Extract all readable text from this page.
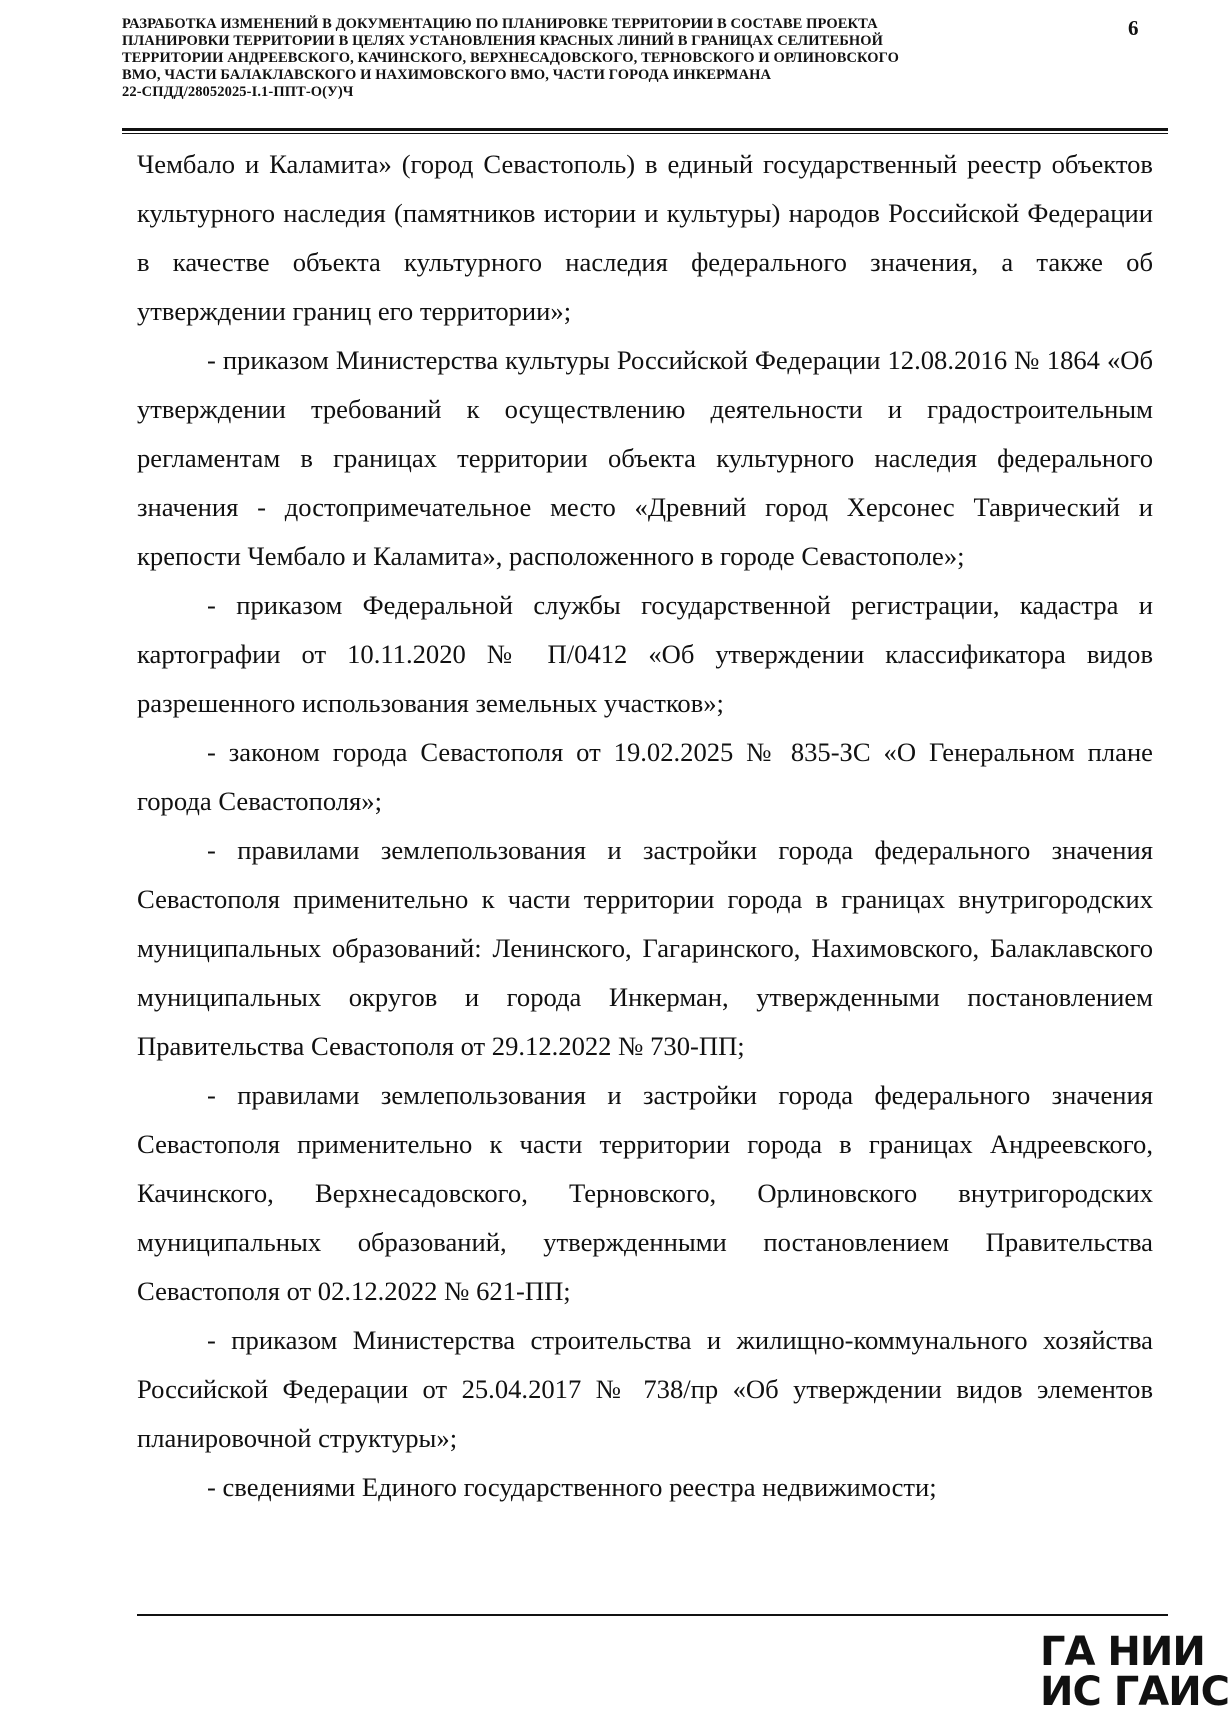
РАЗРАБОТКА ИЗМЕНЕНИЙ В ДОКУМЕНТАЦИЮ ПО ПЛАНИРОВКЕ ТЕРРИТОРИИ В СОСТАВЕ ПРОЕКТА
ПЛАНИРОВКИ ТЕРРИТОРИИ В ЦЕЛЯХ УСТАНОВЛЕНИЯ КРАСНЫХ ЛИНИЙ В ГРАНИЦАХ СЕЛИТЕБНОЙ
ТЕРРИТОРИИ АНДРЕЕВСКОГО, КАЧИНСКОГО, ВЕРХНЕСАДОВСКОГО, ТЕРНОВСКОГО И ОРЛИНОВСКОГО
ВМО, ЧАСТИ БАЛАКЛАВСКОГО И НАХИМОВСКОГО ВМО, ЧАСТИ ГОРОДА ИНКЕРМАНА
22-СПДД/28052025-I.1-ППТ-О(У)Ч
6

Чембало и Каламита» (город Севастополь) в единый государственный реестр объектов культурного наследия (памятников истории и культуры) народов Российской Федерации в качестве объекта культурного наследия федерального значения, а также об утверждении границ его территории»;

- приказом Министерства культуры Российской Федерации 12.08.2016 № 1864 «Об утверждении требований к осуществлению деятельности и градостроительным регламентам в границах территории объекта культурного наследия федерального значения - достопримечательное место «Древний город Херсонес Таврический и крепости Чембало и Каламита», расположенного в городе Севастополе»;

- приказом Федеральной службы государственной регистрации, кадастра и картографии от 10.11.2020 № П/0412 «Об утверждении классификатора видов разрешенного использования земельных участков»;

- законом города Севастополя от 19.02.2025 № 835-ЗС «О Генеральном плане города Севастополя»;

- правилами землепользования и застройки города федерального значения Севастополя применительно к части территории города в границах внутригородских муниципальных образований: Ленинского, Гагаринского, Нахимовского, Балаклавского муниципальных округов и города Инкерман, утвержденными постановлением Правительства Севастополя от 29.12.2022 № 730-ПП;

- правилами землепользования и застройки города федерального значения Севастополя применительно к части территории города в границах Андреевского, Качинского, Верхнесадовского, Терновского, Орлиновского внутригородских муниципальных образований, утвержденными постановлением Правительства Севастополя от 02.12.2022 № 621-ПП;

- приказом Министерства строительства и жилищно-коммунального хозяйства Российской Федерации от 25.04.2017 № 738/пр «Об утверждении видов элементов планировочной структуры»;

- сведениями Единого государственного реестра недвижимости;

ГА НИИ
ИС ГАИС
